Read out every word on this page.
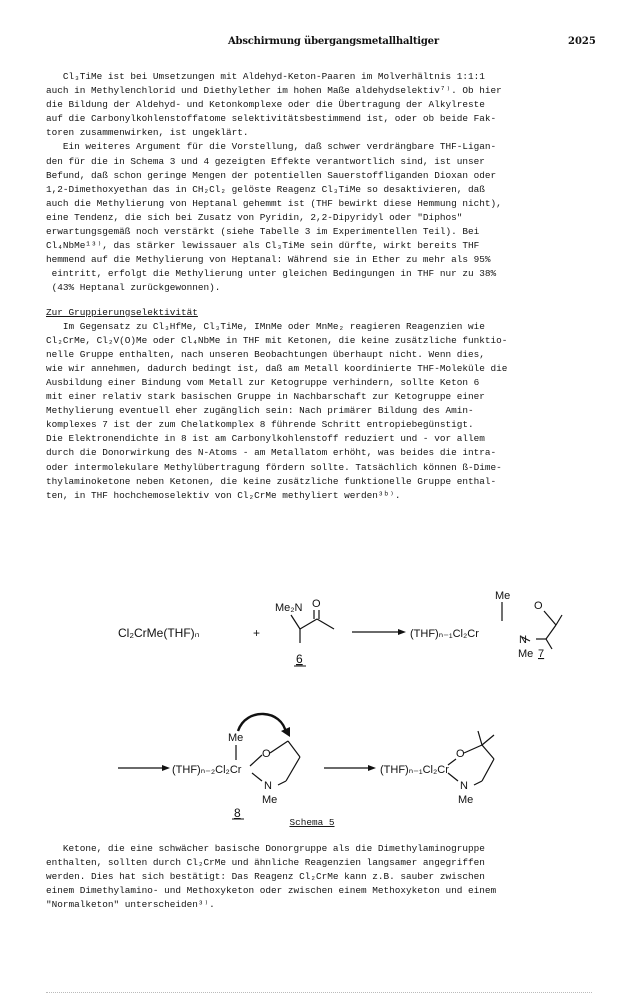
Abschirmung übergangsmetallhaltiger	2025
Cl₃TiMe ist bei Umsetzungen mit Aldehyd-Keton-Paaren im Molverhältnis 1:1:1
auch in Methylenchlorid und Diethylether im hohen Maße aldehydselektiv⁷⁾. Ob hier
die Bildung der Aldehyd- und Ketonkomplexe oder die Übertragung der Alkylreste
auf die Carbonylkohlenstoffatome selektivitätsbestimmend ist, oder ob beide Fak-
toren zusammenwirken, ist ungeklärt.
Ein weiteres Argument für die Vorstellung, daß schwer verdrängbare THF-Ligan-
den für die in Schema 3 und 4 gezeigten Effekte verantwortlich sind, ist unser
Befund, daß schon geringe Mengen der potentiellen Sauerstoffliganden Dioxan oder
1,2-Dimethoxyethan das in CH₂Cl₂ gelöste Reagenz Cl₃TiMe so desaktivieren, daß
auch die Methylierung von Heptanal gehemmt ist (THF bewirkt diese Hemmung nicht),
eine Tendenz, die sich bei Zusatz von Pyridin, 2,2-Dipyridyl oder "Diphos"
erwartungsgemäß noch verstärkt (siehe Tabelle 3 im Experimentellen Teil). Bei
Cl₄NbMe¹³⁾, das stärker lewissauer als Cl₃TiMe sein dürfte, wirkt bereits THF
hemmend auf die Methylierung von Heptanal: Während sie in Ether zu mehr als 95%
eintritt, erfolgt die Methylierung unter gleichen Bedingungen in THF nur zu 38%
(43% Heptanal zurückgewonnen).
Zur Gruppierungselektivität
Im Gegensatz zu Cl₃HfMe, Cl₃TiMe, IMnMe oder MnMe₂ reagieren Reagenzien wie
Cl₂CrMe, Cl₂V(O)Me oder Cl₄NbMe in THF mit Ketonen, die keine zusätzliche funktio-
nelle Gruppe enthalten, nach unseren Beobachtungen überhaupt nicht. Wenn dies,
wie wir annehmen, dadurch bedingt ist, daß am Metall koordinierte THF-Moleküle die
Ausbildung einer Bindung vom Metall zur Ketogruppe verhindern, sollte Keton 6
mit einer relativ stark basischen Gruppe in Nachbarschaft zur Ketogruppe einer
Methylierung eventuell eher zugänglich sein: Nach primärer Bildung des Amin-
komplexes 7 ist der zum Chelatkomplex 8 führende Schritt entropiebegünstigt.
Die Elektronendichte in 8 ist am Carbonylkohlenstoff reduziert und - vor allem
durch die Donorwirkung des N-Atoms - am Metallatom erhöht, was beides die intra-
oder intermolekulare Methylübertragung fördern sollte. Tatsächlich können ß-Dime-
thylaminoketone neben Ketonen, die keine zusätzliche funktionelle Gruppe enthal-
ten, in THF hochchemoselektiv von Cl₂CrMe methyliert werden³ᵇ⁾.
Cl₂CrMe(THF)ₙ	+
Me₂N O
6
Me
(THF)ₙ₋₁Cl₂Cr
O
N
Me 7
(THF)ₙ₋₂Cl₂Cr
Me
O
N
Me
8
(THF)ₙ₋₁Cl₂Cr
O
N
Me
Schema 5
Ketone, die eine schwächer basische Donorgruppe als die Dimethylaminogruppe
enthalten, sollten durch Cl₂CrMe und ähnliche Reagenzien langsamer angegriffen
werden. Dies hat sich bestätigt: Das Reagenz Cl₂CrMe kann z.B. sauber zwischen
einem Dimethylamino- und Methoxyketon oder zwischen einem Methoxyketon und einem
"Normalketon" unterscheiden³⁾.
